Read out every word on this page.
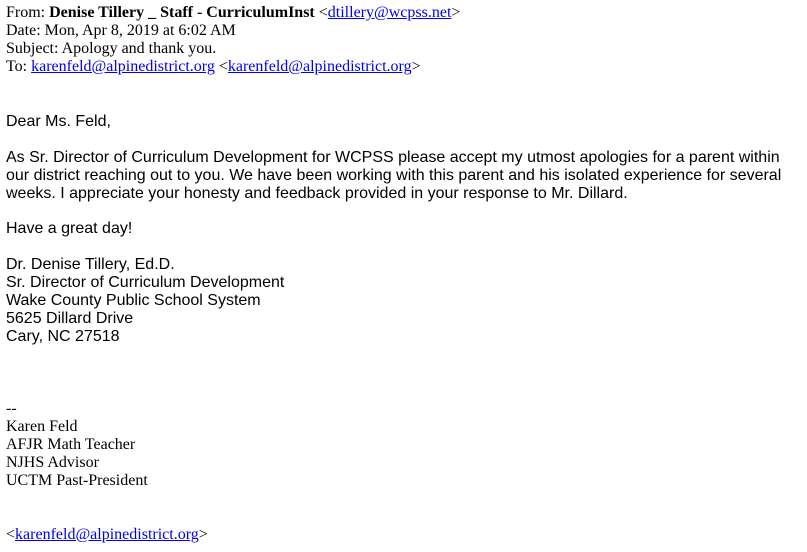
From: Denise Tillery _ Staff - CurriculumInst <dtillery@wcpss.net>
Date: Mon, Apr 8, 2019 at 6:02 AM
Subject: Apology and thank you.
To: karenfeld@alpinedistrict.org <karenfeld@alpinedistrict.org>
Dear Ms. Feld,
As Sr. Director of Curriculum Development for WCPSS please accept my utmost apologies for a parent within
our district reaching out to you. We have been working with this parent and his isolated experience for several
weeks. I appreciate your honesty and feedback provided in your response to Mr. Dillard.
Have a great day!
Dr. Denise Tillery, Ed.D.
Sr. Director of Curriculum Development
Wake County Public School System
5625 Dillard Drive
Cary, NC 27518
--
Karen Feld
AFJR Math Teacher
NJHS Advisor
UCTM Past-President
<karenfeld@alpinedistrict.org>
